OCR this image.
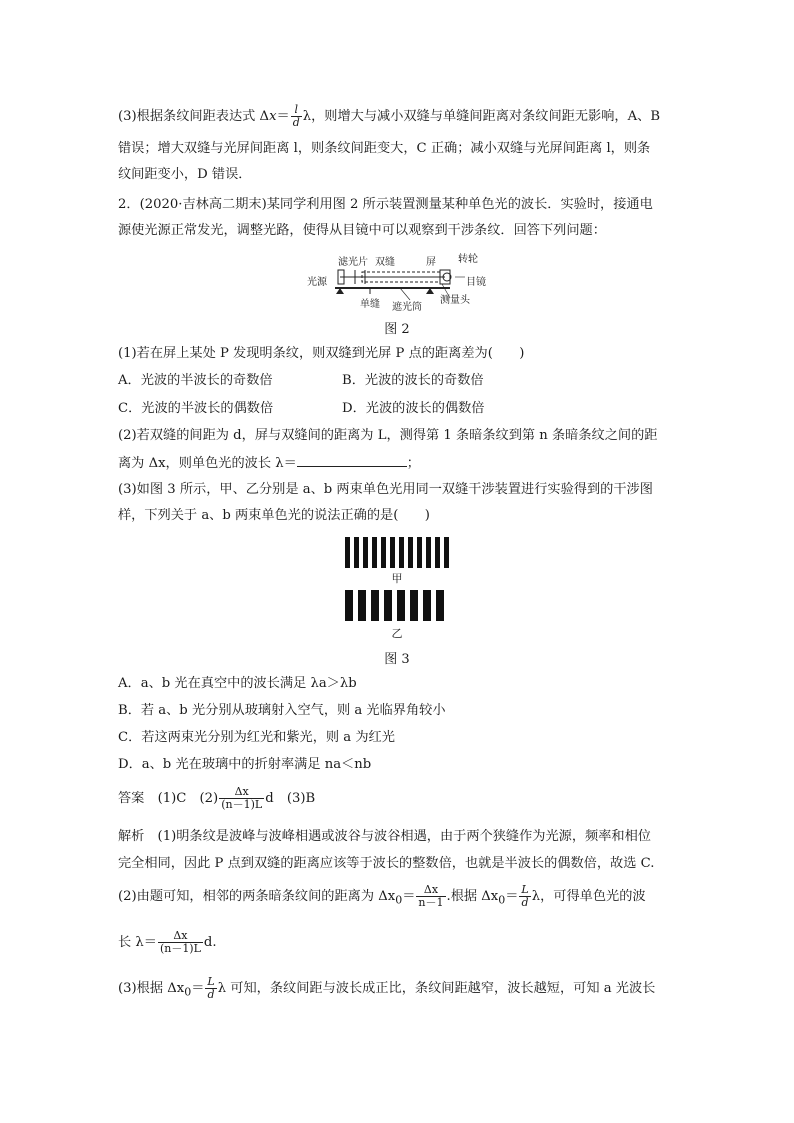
(3)根据条纹间距表达式 $\Delta x= \frac{l}{d}$ λ，则增大与减小双缝与单缝间距离对条纹间距无影响，A、B
错误；增大双缝与光屏间距离 l，则条纹间距变大，C 正确；减小双缝与光屏间距离 l，则条
纹间距变小，D 错误．
2．(2020·吉林高二期末)某同学利用图 2 所示装置测量某种单色光的波长．实验时，接通电
源使光源正常发光，调整光路，使得从目镜中可以观察到干涉条纹．回答下列问题：
光源
滤光片 双缝	屏 转轮
目镜
单缝 遮光筒
测量头
图 2
(1)若在屏上某处 P 发现明条纹，则双缝到光屏 P 点的距离差为(　　)
A．光波的半波长的奇数倍	B．光波的波长的奇数倍
C．光波的半波长的偶数倍	D．光波的波长的偶数倍
(2)若双缝的间距为 d，屏与双缝间的距离为 L，测得第 1 条暗条纹到第 n 条暗条纹之间的距
离为 Δx，则单色光的波长 λ＝	；
(3)如图 3 所示，甲、乙分别是 a、b 两束单色光用同一双缝干涉装置进行实验得到的干涉图
样，下列关于 a、b 两束单色光的说法正确的是(　　)
甲
乙
图 3
A．a、b 光在真空中的波长满足 λa＞λb
B．若 a、b 光分别从玻璃射入空气，则 a 光临界角较小
C．若这两束光分别为红光和紫光，则 a 为红光
D．a、b 光在玻璃中的折射率满足 na＜nb
答案　 (1)C　$(2) \frac{\Delta x}{(n-1)L}$ d　(3)B
解析　(1)明条纹是波峰与波峰相遇或波谷与波谷相遇，由于两个狭缝作为光源，频率和相位
完全相同，因此 P 点到双缝的距离应该等于波长的整数倍，也就是半波长的偶数倍，故选 C.
(2)由题可知，相邻的两条暗条纹间的距离为 $\Delta x_0= \frac{\Delta x}{n-1}$ .根据 $\Delta x_0= \frac{L}{d}$ λ，可得单色光的波
长 $\lambda= \frac{\Delta x}{(n-1)L} d$.
(3)根据 $\Delta x_0= \frac{L}{d}$ λ 可知，条纹间距与波长成正比，条纹间距越窄，波长越短，可知 a 光波长
